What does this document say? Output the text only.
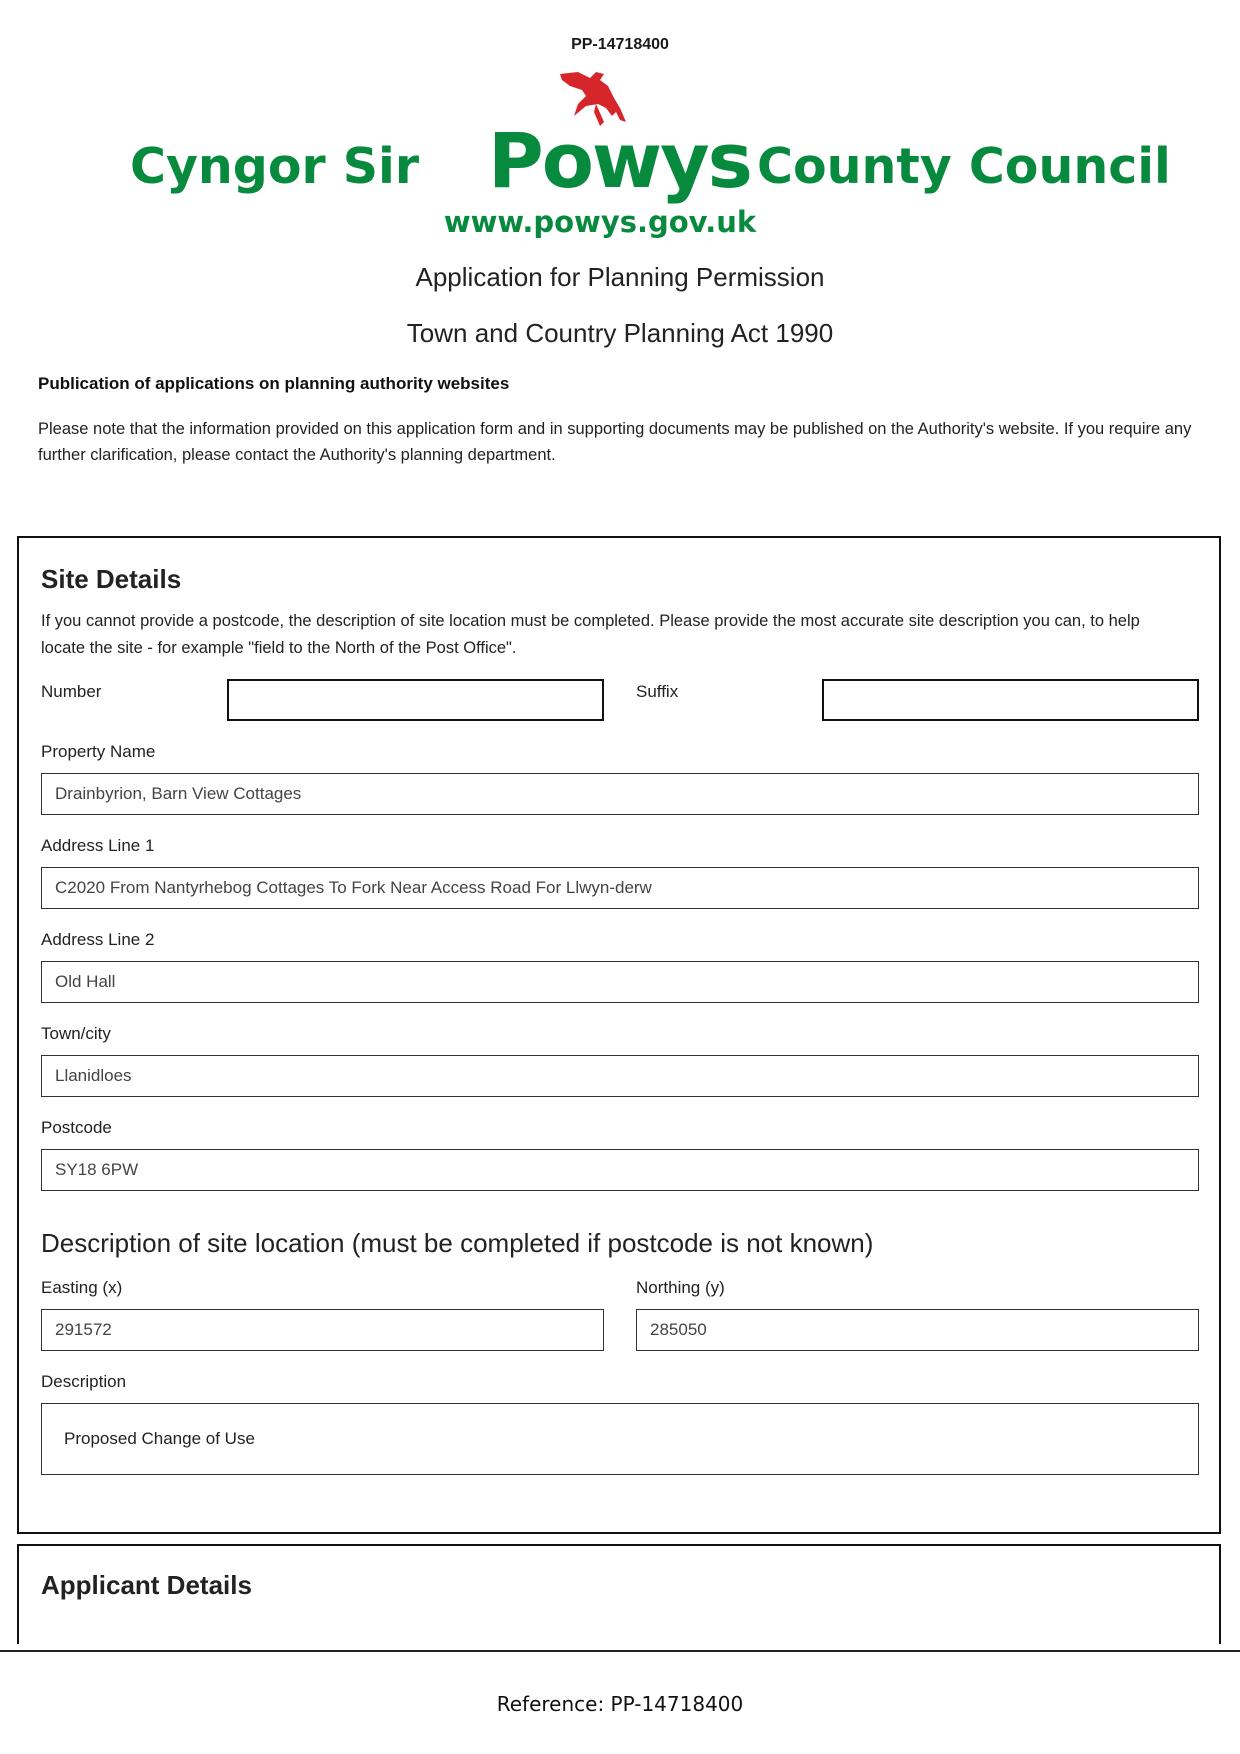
PP-14718400
Cyngor Sir Powys County Council
www.powys.gov.uk
Application for Planning Permission
Town and Country Planning Act 1990
Publication of applications on planning authority websites
Please note that the information provided on this application form and in supporting documents may be published on the Authority's website. If you require any further clarification, please contact the Authority's planning department.
Site Details
If you cannot provide a postcode, the description of site location must be completed. Please provide the most accurate site description you can, to help locate the site - for example "field to the North of the Post Office".
Number	Suffix
Property Name
Drainbyrion, Barn View Cottages
Address Line 1
C2020 From Nantyrhebog Cottages To Fork Near Access Road For Llwyn-derw
Address Line 2
Old Hall
Town/city
Llanidloes
Postcode
SY18 6PW
Description of site location (must be completed if postcode is not known)
Easting (x)
291572
Northing (y)
285050
Description
Proposed Change of Use
Applicant Details
Reference: PP-14718400
